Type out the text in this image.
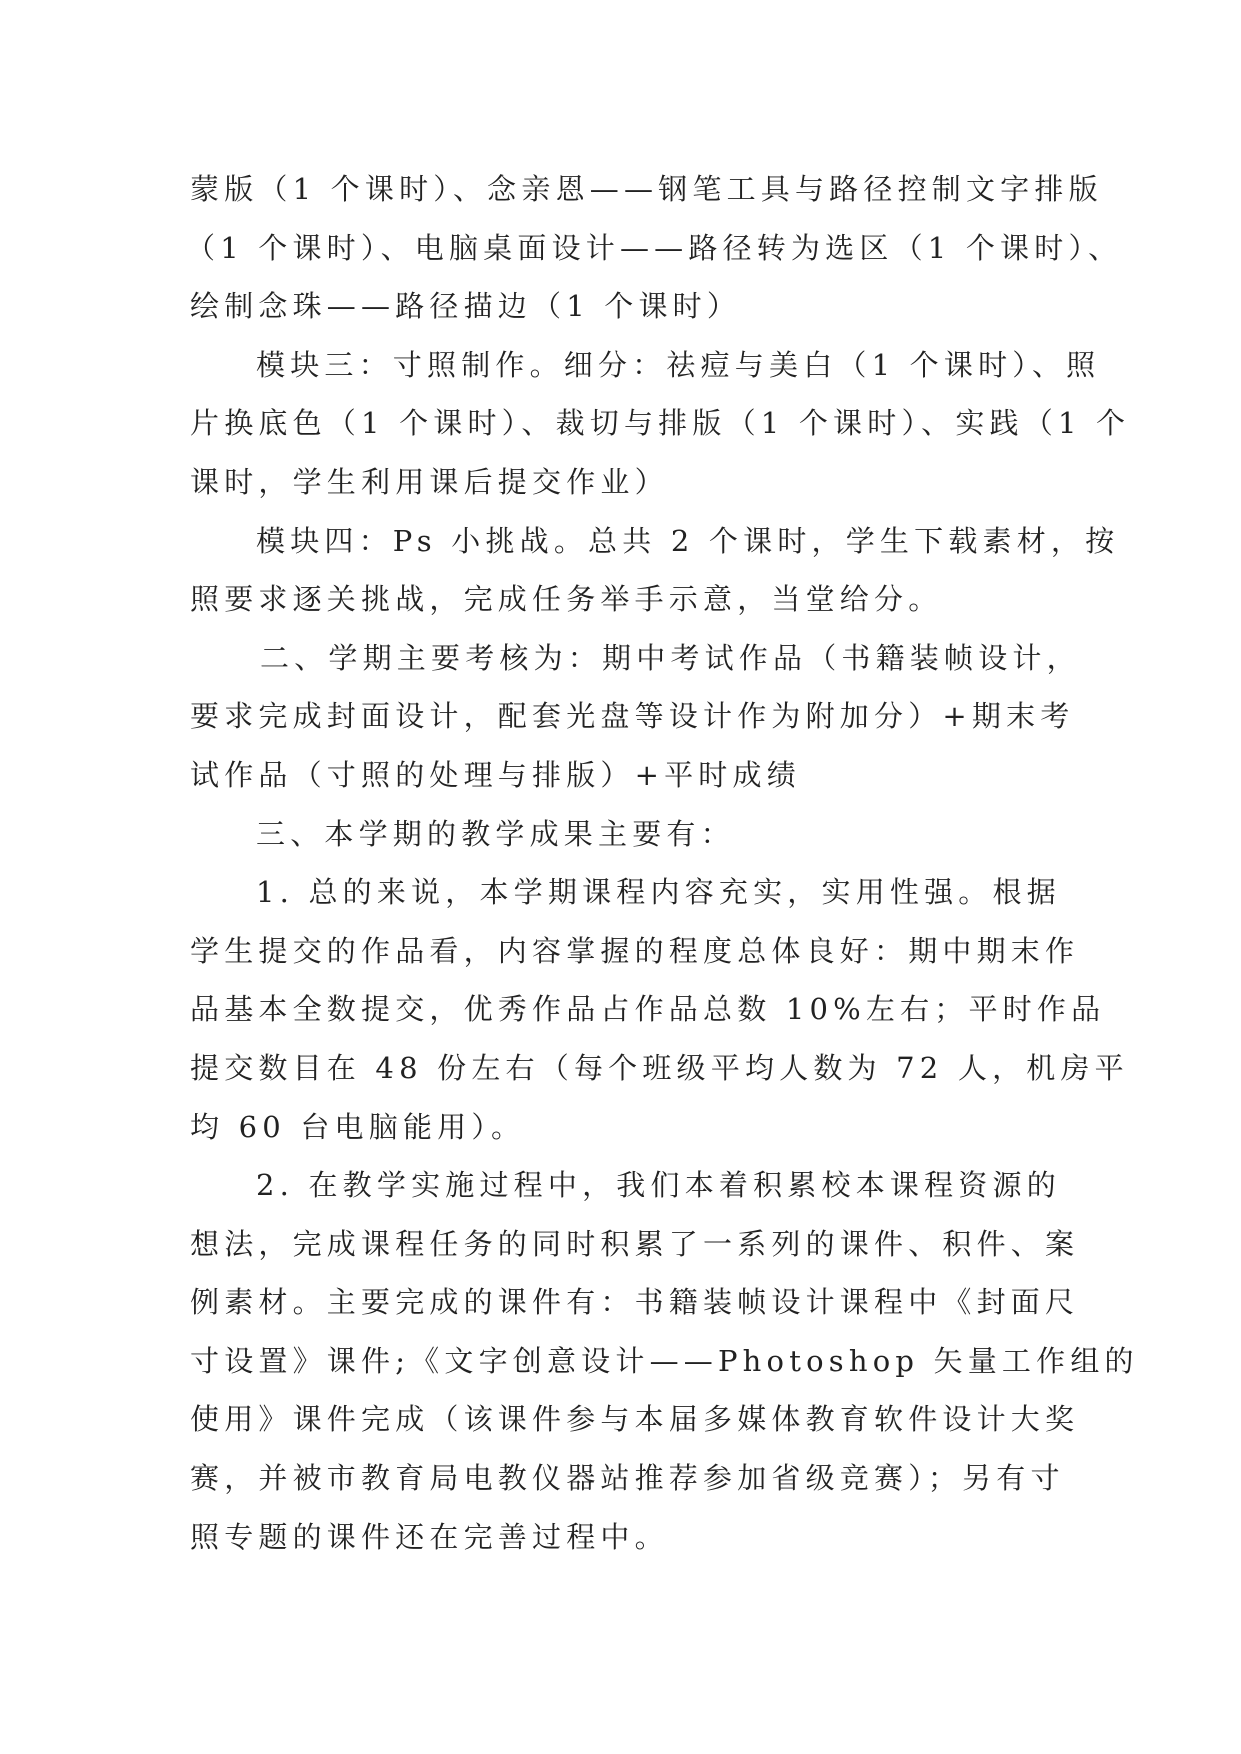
蒙版（1 个课时）、念亲恩——钢笔工具与路径控制文字排版
（1 个课时）、电脑桌面设计——路径转为选区（1 个课时）、
绘制念珠——路径描边（1 个课时）
模块三：寸照制作。细分：祛痘与美白（1 个课时）、照
片换底色（1 个课时）、裁切与排版（1 个课时）、实践（1 个
课时，学生利用课后提交作业）
模块四：Ps 小挑战。总共 2 个课时，学生下载素材，按
照要求逐关挑战，完成任务举手示意，当堂给分。
二、学期主要考核为：期中考试作品（书籍装帧设计，
要求完成封面设计，配套光盘等设计作为附加分）+期末考
试作品（寸照的处理与排版）+平时成绩
三、本学期的教学成果主要有：
1. 总的来说，本学期课程内容充实，实用性强。根据
学生提交的作品看，内容掌握的程度总体良好：期中期末作
品基本全数提交，优秀作品占作品总数 10%左右；平时作品
提交数目在 48 份左右（每个班级平均人数为 72 人，机房平
均 60 台电脑能用）。
2. 在教学实施过程中，我们本着积累校本课程资源的
想法，完成课程任务的同时积累了一系列的课件、积件、案
例素材。主要完成的课件有：书籍装帧设计课程中《封面尺
寸设置》课件;《文字创意设计——Photoshop 矢量工作组的
使用》课件完成（该课件参与本届多媒体教育软件设计大奖
赛，并被市教育局电教仪器站推荐参加省级竞赛）；另有寸
照专题的课件还在完善过程中。
